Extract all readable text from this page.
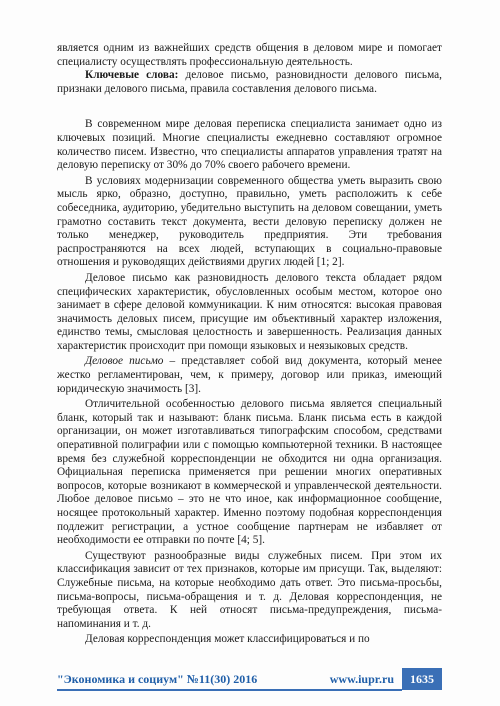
является одним из важнейших средств общения в деловом мире и помогает специалисту осуществлять профессиональную деятельность.

Ключевые слова: деловое письмо, разновидности делового письма, признаки делового письма, правила составления делового письма.

В современном мире деловая переписка специалиста занимает одно из ключевых позиций. Многие специалисты ежедневно составляют огромное количество писем. Известно, что специалисты аппаратов управления тратят на деловую переписку от 30% до 70% своего рабочего времени.

В условиях модернизации современного общества уметь выразить свою мысль ярко, образно, доступно, правильно, уметь расположить к себе собеседника, аудиторию, убедительно выступить на деловом совещании, уметь грамотно составить текст документа, вести деловую переписку должен не только менеджер, руководитель предприятия. Эти требования распространяются на всех людей, вступающих в социально-правовые отношения и руководящих действиями других людей [1; 2].

Деловое письмо как разновидность делового текста обладает рядом специфических характеристик, обусловленных особым местом, которое оно занимает в сфере деловой коммуникации. К ним относятся: высокая правовая значимость деловых писем, присущие им объективный характер изложения, единство темы, смысловая целостность и завершенность. Реализация данных характеристик происходит при помощи языковых и неязыковых средств.

Деловое письмо – представляет собой вид документа, который менее жестко регламентирован, чем, к примеру, договор или приказ, имеющий юридическую значимость [3].

Отличительной особенностью делового письма является специальный бланк, который так и называют: бланк письма. Бланк письма есть в каждой организации, он может изготавливаться типографским способом, средствами оперативной полиграфии или с помощью компьютерной техники. В настоящее время без служебной корреспонденции не обходится ни одна организация. Официальная переписка применяется при решении многих оперативных вопросов, которые возникают в коммерческой и управленческой деятельности. Любое деловое письмо – это не что иное, как информационное сообщение, носящее протокольный характер. Именно поэтому подобная корреспонденция подлежит регистрации, а устное сообщение партнерам не избавляет от необходимости ее отправки по почте [4; 5].

Существуют разнообразные виды служебных писем. При этом их классификация зависит от тех признаков, которые им присущи. Так, выделяют: Служебные письма, на которые необходимо дать ответ. Это письма-просьбы, письма-вопросы, письма-обращения и т. д. Деловая корреспонденция, не требующая ответа. К ней относят письма-предупреждения, письма-напоминания и т. д.

Деловая корреспонденция может классифицироваться и по

"Экономика и социум" №11(30) 2016	www.iupr.ru	1635
